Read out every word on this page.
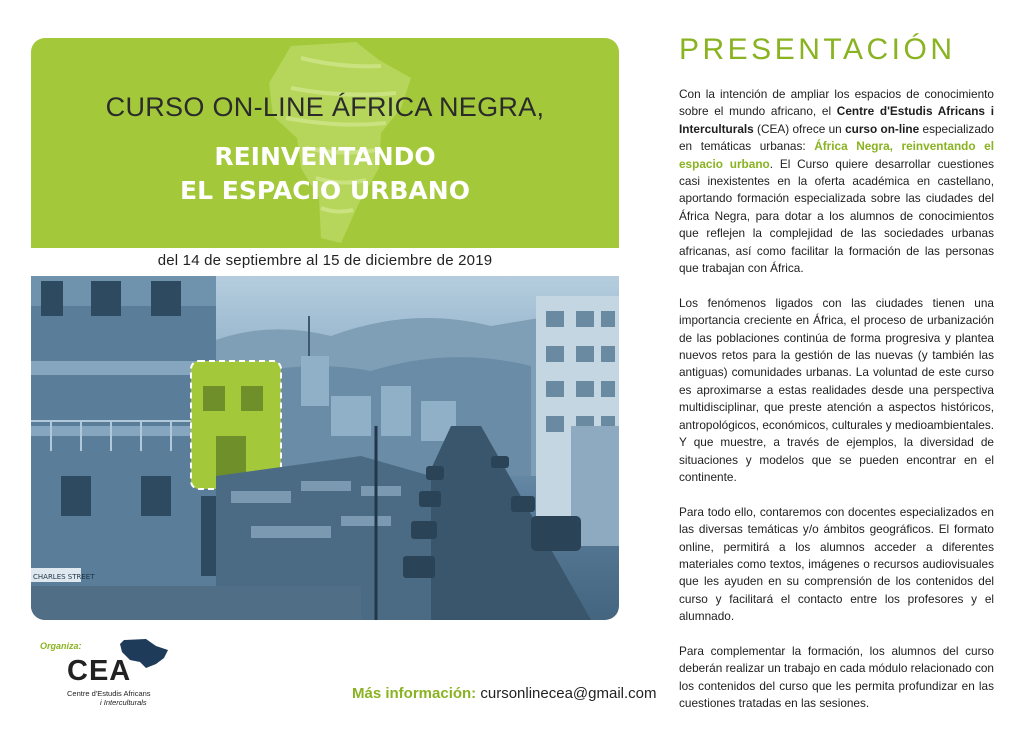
CURSO ON-LINE ÁFRICA NEGRA,
REINVENTANDO
EL ESPACIO URBANO
del 14 de septiembre al 15 de diciembre de 2019
CHARLES STREET
Organiza:
CEA
Centre d'Estudis Africans
i Interculturals
Más información: cursonlinecea@gmail.com
PRESENTACIÓN

Con la intención de ampliar los espacios de conocimiento sobre el mundo africano, el Centre d'Estudis Africans i Interculturals (CEA) ofrece un curso on-line especializado en temáticas urbanas: África Negra, reinventando el espacio urbano. El Curso quiere desarrollar cuestiones casi inexistentes en la oferta académica en castellano, aportando formación especializada sobre las ciudades del África Negra, para dotar a los alumnos de conocimientos que reflejen la complejidad de las sociedades urbanas africanas, así como facilitar la formación de las personas que trabajan con África.

Los fenómenos ligados con las ciudades tienen una importancia creciente en África, el proceso de urbanización de las poblaciones continúa de forma progresiva y plantea nuevos retos para la gestión de las nuevas (y también las antiguas) comunidades urbanas. La voluntad de este curso es aproximarse a estas realidades desde una perspectiva multidisciplinar, que preste atención a aspectos históricos, antropológicos, económicos, culturales y medioambientales. Y que muestre, a través de ejemplos, la diversidad de situaciones y modelos que se pueden encontrar en el continente.

Para todo ello, contaremos con docentes especializados en las diversas temáticas y/o ámbitos geográficos. El formato online, permitirá a los alumnos acceder a diferentes materiales como textos, imágenes o recursos audiovisuales que les ayuden en su comprensión de los contenidos del curso y facilitará el contacto entre los profesores y el alumnado.

Para complementar la formación, los alumnos del curso deberán realizar un trabajo en cada módulo relacionado con los contenidos del curso que les permita profundizar en las cuestiones tratadas en las sesiones.
